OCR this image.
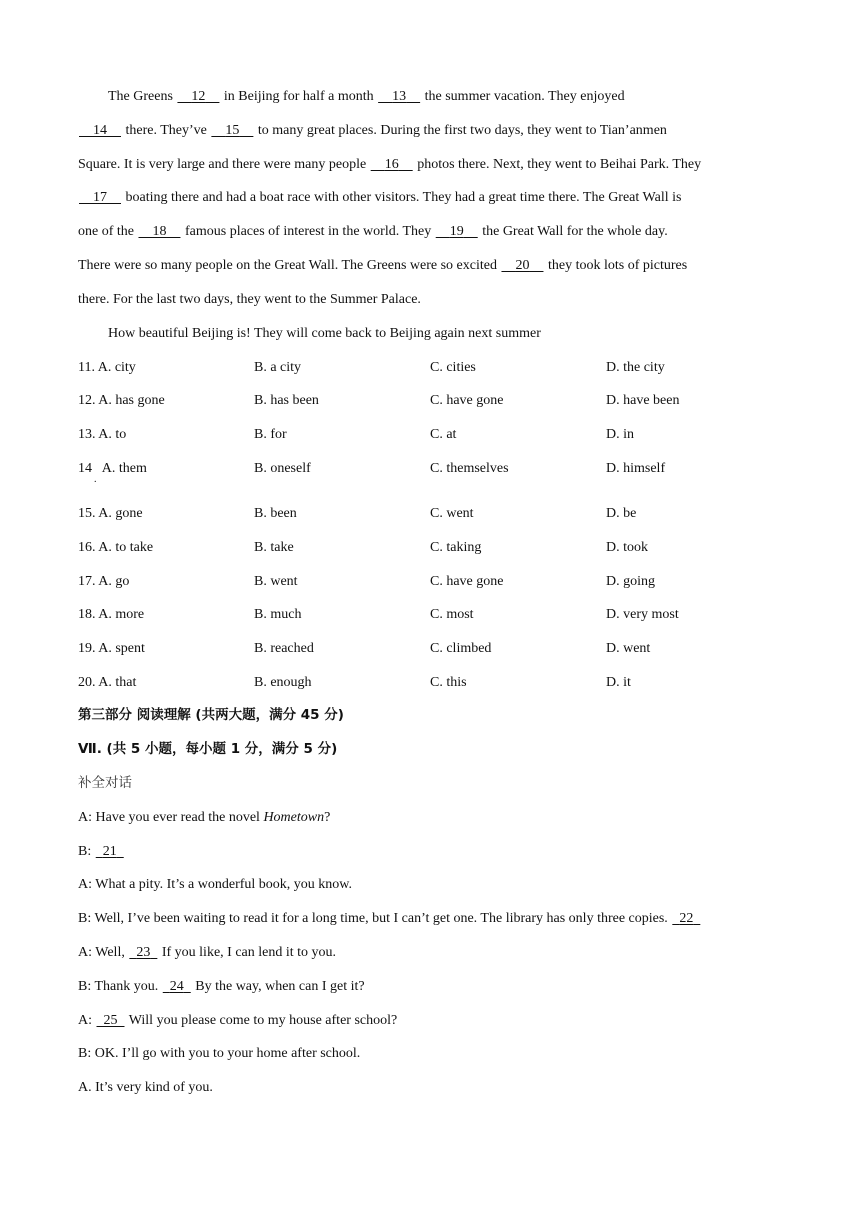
The Greens 12 in Beijing for half a month 13 the summer vacation. They enjoyed
14 there. They’ve 15 to many great places. During the first two days, they went to Tian’anmen
Square. It is very large and there were many people 16 photos there. Next, they went to Beihai Park. They
17 boating there and had a boat race with other visitors. They had a great time there. The Great Wall is
one of the 18 famous places of interest in the world. They 19 the Great Wall for the whole day.
There were so many people on the Great Wall. The Greens were so excited 20 they took lots of pictures
there. For the last two days, they went to the Summer Palace.
How beautiful Beijing is! They will come back to Beijing again next summer
11. A. city	B. a city	C. cities	D. the city
12. A. has gone	B. has been	C. have gone	D. have been
13. A. to	B. for	C. at	D. in
14   A. them	B. oneself	C. themselves	D. himself
.
15. A. gone	B. been	C. went	D. be
16. A. to take	B. take	C. taking	D. took
17. A. go	B. went	C. have gone	D. going
18. A. more	B. much	C. most	D. very most
19. A. spent	B. reached	C. climbed	D. went
20. A. that	B. enough	C. this	D. it
第三部分 阅读理解 (共两大题，满分 45 分)
Ⅶ. (共 5 小题，每小题 1 分，满分 5 分)
补全对话
A: Have you ever read the novel Hometown?
B: 21
A: What a pity. It’s a wonderful book, you know.
B: Well, I’ve been waiting to read it for a long time, but I can’t get one. The library has only three copies. 22
A: Well, 23 If you like, I can lend it to you.
B: Thank you. 24 By the way, when can I get it?
A: 25 Will you please come to my house after school?
B: OK. I’ll go with you to your home after school.
A. It’s very kind of you.
